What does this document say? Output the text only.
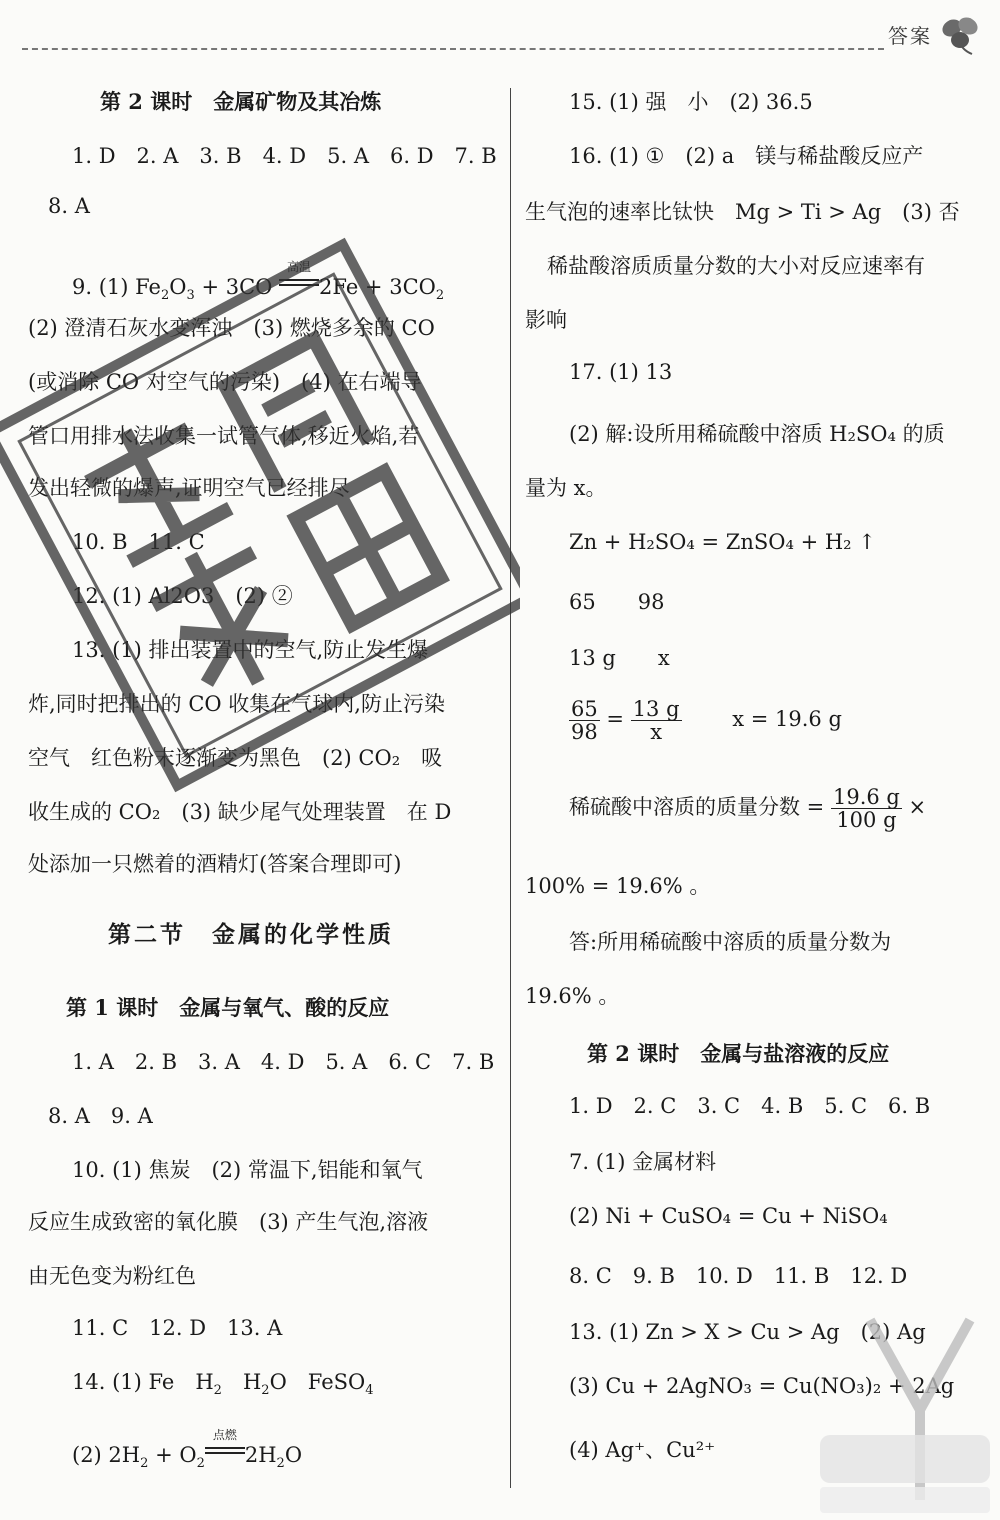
答案
第 2 课时　金属矿物及其冶炼
1. D　2. A　3. B　4. D　5. A　6. D　7. B
8. A
9. (1) $Fe_2O_3 + 3CO$ 高温
$2Fe + 3CO_2$
(2) 澄清石灰水变浑浊　(3) 燃烧多余的 CO
(或消除 CO 对空气的污染)　(4) 在右端导
管口用排水法收集一试管气体,移近火焰,若
发出轻微的爆声,证明空气已经排尽
10. B　11. C
12. (1) Al2O3　(2) ②
13. (1) 排出装置中的空气,防止发生爆
炸,同时把排出的 CO 收集在气球内,防止污染
空气　红色粉末逐渐变为黑色　(2) CO₂　吸
收生成的 CO₂　(3) 缺少尾气处理装置　在 D
处添加一只燃着的酒精灯(答案合理即可)
第二节　金属的化学性质
第 1 课时　金属与氧气、酸的反应
1. A　2. B　3. A　4. D　5. A　6. C　7. B
8. A　9. A
10. (1) 焦炭　(2) 常温下,铝能和氧气
反应生成致密的氧化膜　(3) 产生气泡,溶液
由无色变为粉红色
11. C　12. D　13. A
14. (1) Fe　$H_2$　$H_2O$　FeSO$_4$
(2) $2H_2 + O_2$点燃
$2H_2O$
15. (1) 强　小　(2) 36.5
16. (1) ①　(2) a　镁与稀盐酸反应产
生气泡的速率比钛快　Mg > Ti > Ag　(3) 否
稀盐酸溶质质量分数的大小对反应速率有
影响
17. (1) 13
(2) 解:设所用稀硫酸中溶质 H₂SO₄ 的质
量为 x。
Zn + H₂SO₄ = ZnSO₄ + H₂ ↑
65　　98
13 g　　x
$\frac{65}{98} = \frac{13 g}{x}$ x = 19.6 g
稀硫酸中溶质的质量分数 = $\frac{19.6 g}{100 g}$ ×
100% = 19.6% 。
答:所用稀硫酸中溶质的质量分数为
19.6% 。
第 2 课时　金属与盐溶液的反应
1. D　2. C　3. C　4. B　5. C　6. B
7. (1) 金属材料
(2) Ni + CuSO₄ = Cu + NiSO₄
8. C　9. B　10. D　11. B　12. D
13. (1) Zn > X > Cu > Ag　(2) Ag
(3) Cu + 2AgNO₃ = Cu(NO₃)₂ + 2Ag
(4) Ag⁺、Cu²⁺
